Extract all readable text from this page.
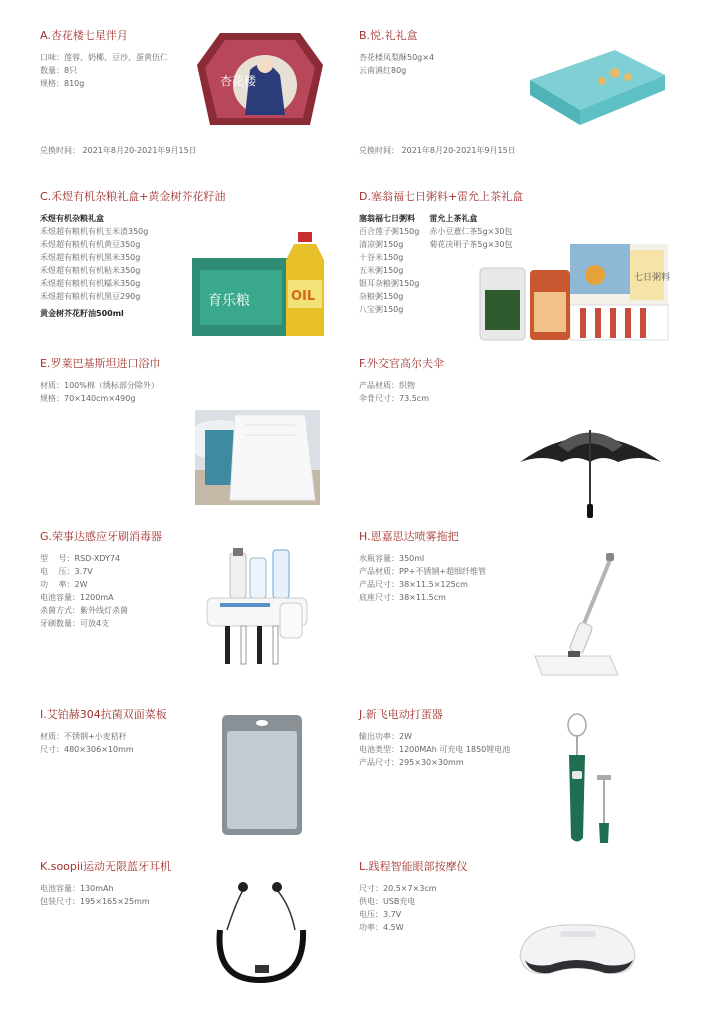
A.杏花楼七星伴月
口味：莲蓉、奶椰、豆沙、蛋黄伍仁
数量：8只
规格：810g
兑换时间： 2021年8月20-2021年9月15日
杏花楼
B.悦.礼礼盒
杏花楼凤梨酥50g×4
云南滇红80g
兑换时间： 2021年8月20-2021年9月15日
C.禾煜有机杂粮礼盒+黄金树芥花籽油
禾煜有机杂粮礼盒
禾煜超有粮机有机玉米渣350g
禾煜超有粮机有机黄豆350g
禾煜超有粮机有机黑米350g
禾煜超有粮机有机粘米350g
禾煜超有粮机有机糯米350g
禾煜超有粮机有机黑豆290g
黄金树芥花籽油500ml
育乐粮	OIL
D.塞翁福七日粥料+雷允上茶礼盒
塞翁福七日粥料
百合莲子粥150g
清凉粥150g
十谷米150g
五米粥150g
银耳杂粮粥150g
杂粮粥150g
八宝粥150g
雷允上茶礼盒
赤小豆薏仁茶5g×30包
菊花决明子茶5g×30包
七日粥料
E.罗莱巴基斯坦进口浴巾
材质：100%棉（绣标部分除外）
规格：70×140cm×490g
F.外交官高尔夫伞
产品材质：织物
伞骨尺寸：73.5cm
G.荣事达感应牙刷消毒器
型　 号：RSD-XDY74
电　 压：3.7V
功　 率：2W
电池容量：1200mA
杀菌方式：紫外线灯杀菌
牙刷数量：可放4支
H.恩嘉思达喷雾拖把
水瓶容量：350ml
产品材质：PP+不锈钢+超细纤维管
产品尺寸：38×11.5×125cm
底座尺寸：38×11.5cm
I.艾铂赫304抗菌双面菜板
材质：不锈钢+小麦秸秆
尺寸：480×306×10mm
J.新飞电动打蛋器
输出功率：2W
电池类型：1200MAh 可充电 1850锂电池
产品尺寸：295×30×30mm
K.soopii运动无限蓝牙耳机
电池容量：130mAh
包装尺寸：195×165×25mm
L.践程智能眼部按摩仪
尺寸：20.5×7×3cm
供电：USB充电
电压：3.7V
功率：4.5W
